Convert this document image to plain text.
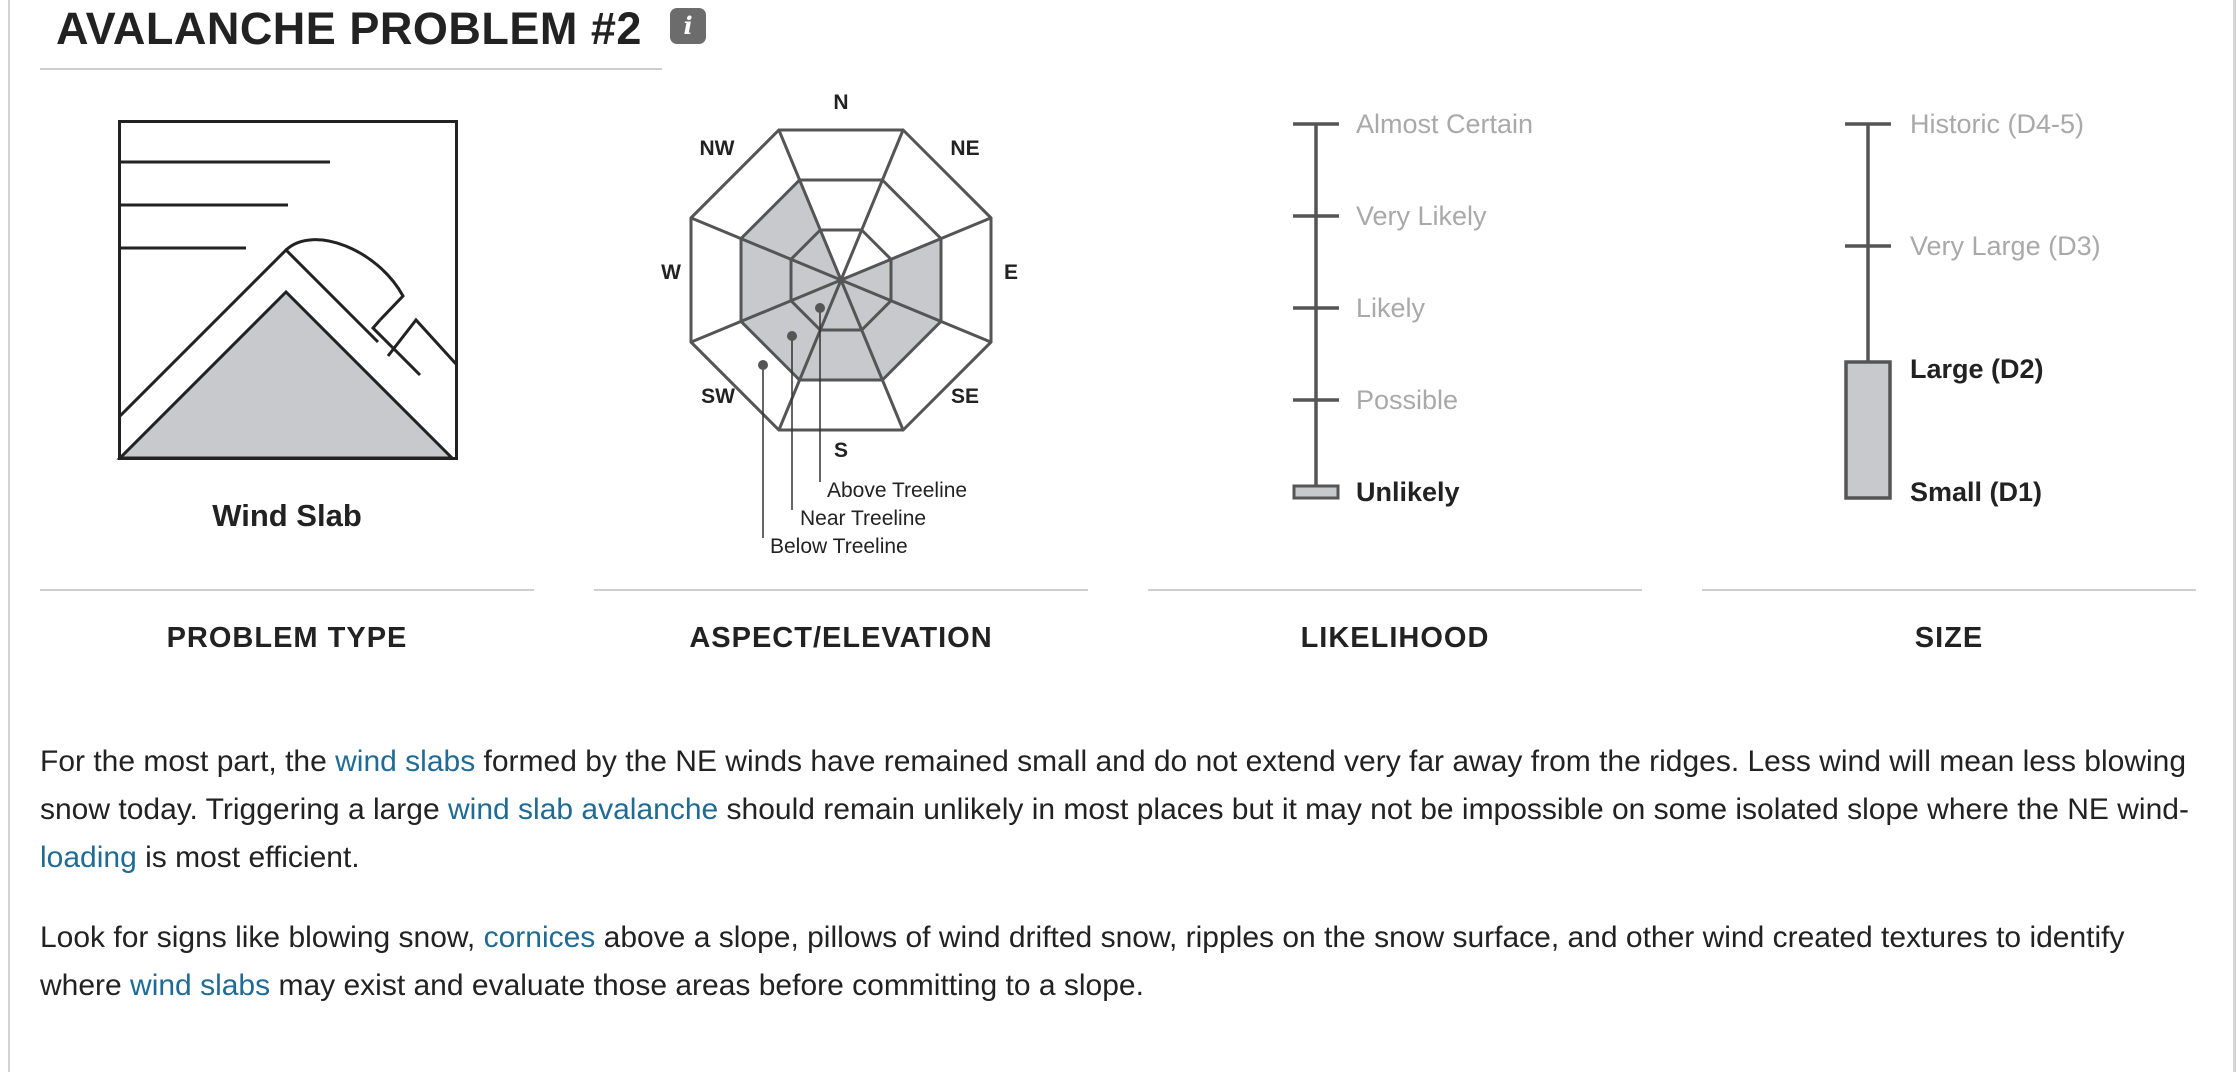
AVALANCHE PROBLEM #2	i
Wind Slab
N
NE
E
SE
S
SW
W
NW
Above Treeline
Near Treeline
Below Treeline
Almost Certain
Very Likely
Likely
Possible
Unlikely
Historic (D4-5)
Very Large (D3)
Large (D2)
Small (D1)
PROBLEM TYPE	ASPECT/ELEVATION	LIKELIHOOD	SIZE

For the most part, the wind slabs formed by the NE winds have remained small and do not extend very far away from the ridges. Less wind will mean less blowing snow today. Triggering a large wind slab avalanche should remain unlikely in most places but it may not be impossible on some isolated slope where the NE wind-loading is most efficient.

Look for signs like blowing snow, cornices above a slope, pillows of wind drifted snow, ripples on the snow surface, and other wind created textures to identify where wind slabs may exist and evaluate those areas before committing to a slope.
